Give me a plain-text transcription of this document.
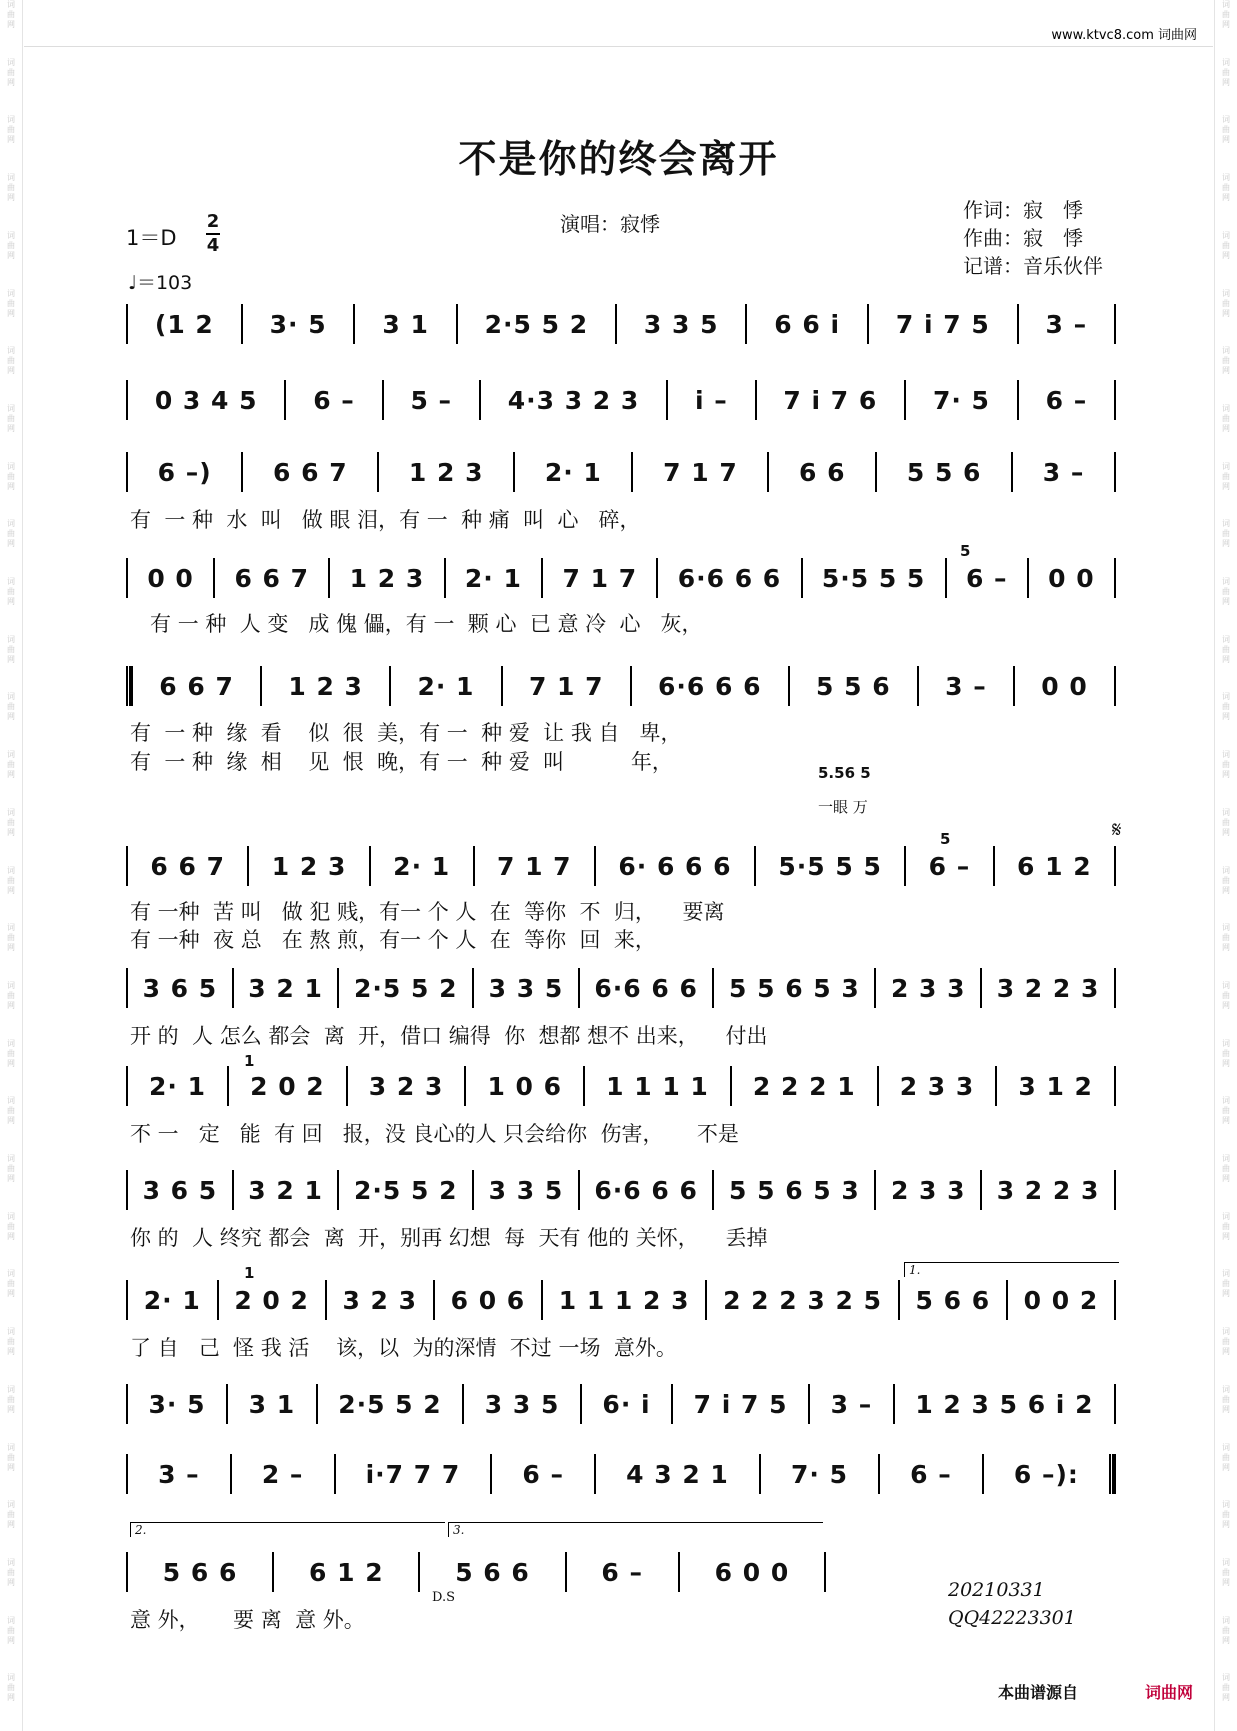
词
曲
网
词
曲
网
词
曲
网
词
曲
网
词
曲
网
词
曲
网
词
曲
网
词
曲
网
词
曲
网
词
曲
网
词
曲
网
词
曲
网
词
曲
网
词
曲
网
词
曲
网
词
曲
网
词
曲
网
词
曲
网
词
曲
网
词
曲
网
词
曲
网
词
曲
网
词
曲
网
词
曲
网
词
曲
网
词
曲
网
词
曲
网
词
曲
网
词
曲
网
词
曲
网
词
曲
网
词
曲
网
词
曲
网
词
曲
网
词
曲
网
词
曲
网
词
曲
网
词
曲
网
词
曲
网
词
曲
网
词
曲
网
词
曲
网
词
曲
网
词
曲
网
词
曲
网
词
曲
网
词
曲
网
词
曲
网
词
曲
网
词
曲
网
词
曲
网
词
曲
网
词
曲
网
词
曲
网
词
曲
网
词
曲
网
词
曲
网
词
曲
网
词
曲
网
词
曲
网
www.ktvc8.com 词曲网
不是你的终会离开
1＝D
2
4
♩＝103
演唱：寂悸
作词：寂　悸
作曲：寂　悸
记谱：音乐伙伴
(1 2	3· 5	3 1	2·5 5 2	3 3 5	6 6 i	7 i 7 5	3 –
0 3 4 5	6 –	5 –	4·3 3 2 3	i –	7 i 7 6	7· 5	6 –
6 –)	6 6 7	1 2 3	2· 1	7 1 7	6 6	5 5 6	3 –
有  一 种  水  叫   做 眼 泪，有 一  种 痛  叫  心   碎，
5
0 0	6 6 7	1 2 3	2· 1	7 1 7	6·6 6 6	5·5 5 5	6 –	0 0
有 一 种  人 变   成 傀 儡，有 一  颗 心  已 意 冷  心   灰，
6 6 7	1 2 3	2· 1	7 1 7	6·6 6 6	5 5 6	3 –	0 0
有  一 种  缘  看    似  很  美，有 一  种 爱  让 我 自   卑，
有  一 种  缘  相    见  恨  晚，有 一  种 爱  叫          年，	5.56 5
一眼 万
𝄋
5
6 6 7	1 2 3	2· 1	7 1 7	6· 6 6 6	5·5 5 5	6 –	6 1 2
有 一种  苦 叫   做 犯 贱，有一 个 人  在  等你  不  归，    要离
有 一种  夜 总   在 熬 煎，有一 个 人  在  等你  回  来，
3 6 5	3 2 1	2·5 5 2	3 3 5	6·6 6 6	5 5 6 5 3	2 3 3	3 2 2 3
开 的  人 怎么 都会  离  开，借口 编得  你  想都 想不 出来，    付出
1
2· 1	2 0 2	3 2 3	1 0 6	1 1 1 1	2 2 2 1	2 3 3	3 1 2
不 一   定   能  有 回   报，没 良心的人 只会给你  伤害，     不是
3 6 5	3 2 1	2·5 5 2	3 3 5	6·6 6 6	5 5 6 5 3	2 3 3	3 2 2 3
你 的  人 终究 都会  离  开，别再 幻想  每  天有 他的 关怀，    丢掉
1.
1
2· 1	2 0 2	3 2 3	6 0 6	1 1 1 2 3	2 2 2 3 2 5	5 6 6	0 0 2
了 自   己  怪 我 活    该，以  为的深情  不过 一场  意外。
3· 5	3 1	2·5 5 2	3 3 5	6· i	7 i 7 5	3 –	1 2 3 5 6 i 2
3 –	2 –	i·7 7 7	6 –	4 3 2 1	7· 5	6 –	6 –):
2.	3.
5 6 6	6 1 2	5 6 6	6 –	6 0 0
意 外，     要 离  意 外。
D.S	20210331
QQ42223301
本曲谱源自	词曲网
